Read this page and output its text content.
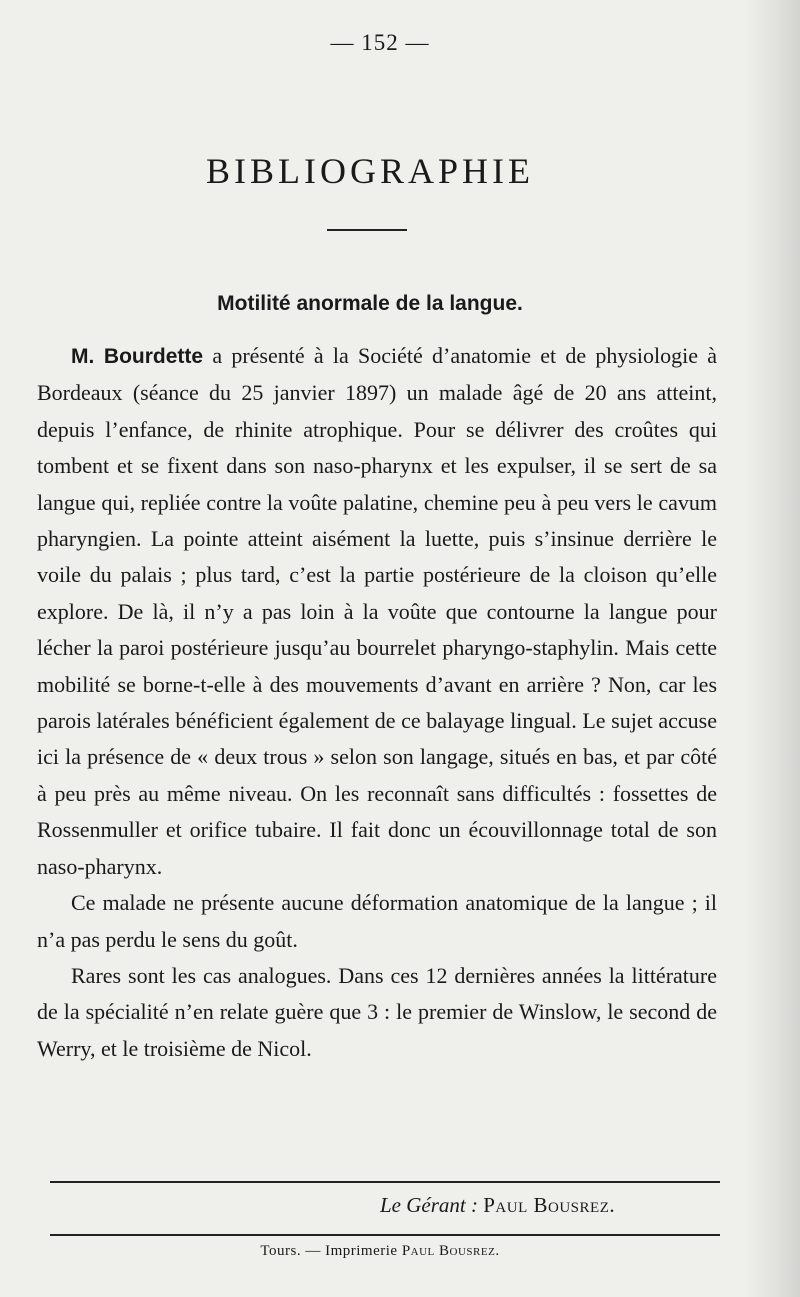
— 152 —
BIBLIOGRAPHIE
Motilité anormale de la langue.

M. Bourdette a présenté à la Société d’anatomie et de physiologie à Bordeaux (séance du 25 janvier 1897) un malade âgé de 20 ans atteint, depuis l’enfance, de rhinite atrophique. Pour se délivrer des croûtes qui tombent et se fixent dans son naso-pharynx et les expulser, il se sert de sa langue qui, repliée contre la voûte palatine, chemine peu à peu vers le cavum pharyngien. La pointe atteint aisément la luette, puis s’insinue derrière le voile du palais ; plus tard, c’est la partie postérieure de la cloison qu’elle explore. De là, il n’y a pas loin à la voûte que contourne la langue pour lécher la paroi postérieure jusqu’au bourrelet pharyngo-staphylin. Mais cette mobilité se borne-t-elle à des mouvements d’avant en arrière ? Non, car les parois latérales bénéficient également de ce balayage lingual. Le sujet accuse ici la présence de « deux trous » selon son langage, situés en bas, et par côté à peu près au même niveau. On les reconnaît sans difficultés : fossettes de Rossenmuller et orifice tubaire. Il fait donc un écouvillonnage total de son naso-pharynx.

Ce malade ne présente aucune déformation anatomique de la langue ; il n’a pas perdu le sens du goût.

Rares sont les cas analogues. Dans ces 12 dernières années la littérature de la spécialité n’en relate guère que 3 : le premier de Winslow, le second de Werry, et le troisième de Nicol.

Le Gérant : Paul Bousrez.
Tours. — Imprimerie Paul Bousrez.
